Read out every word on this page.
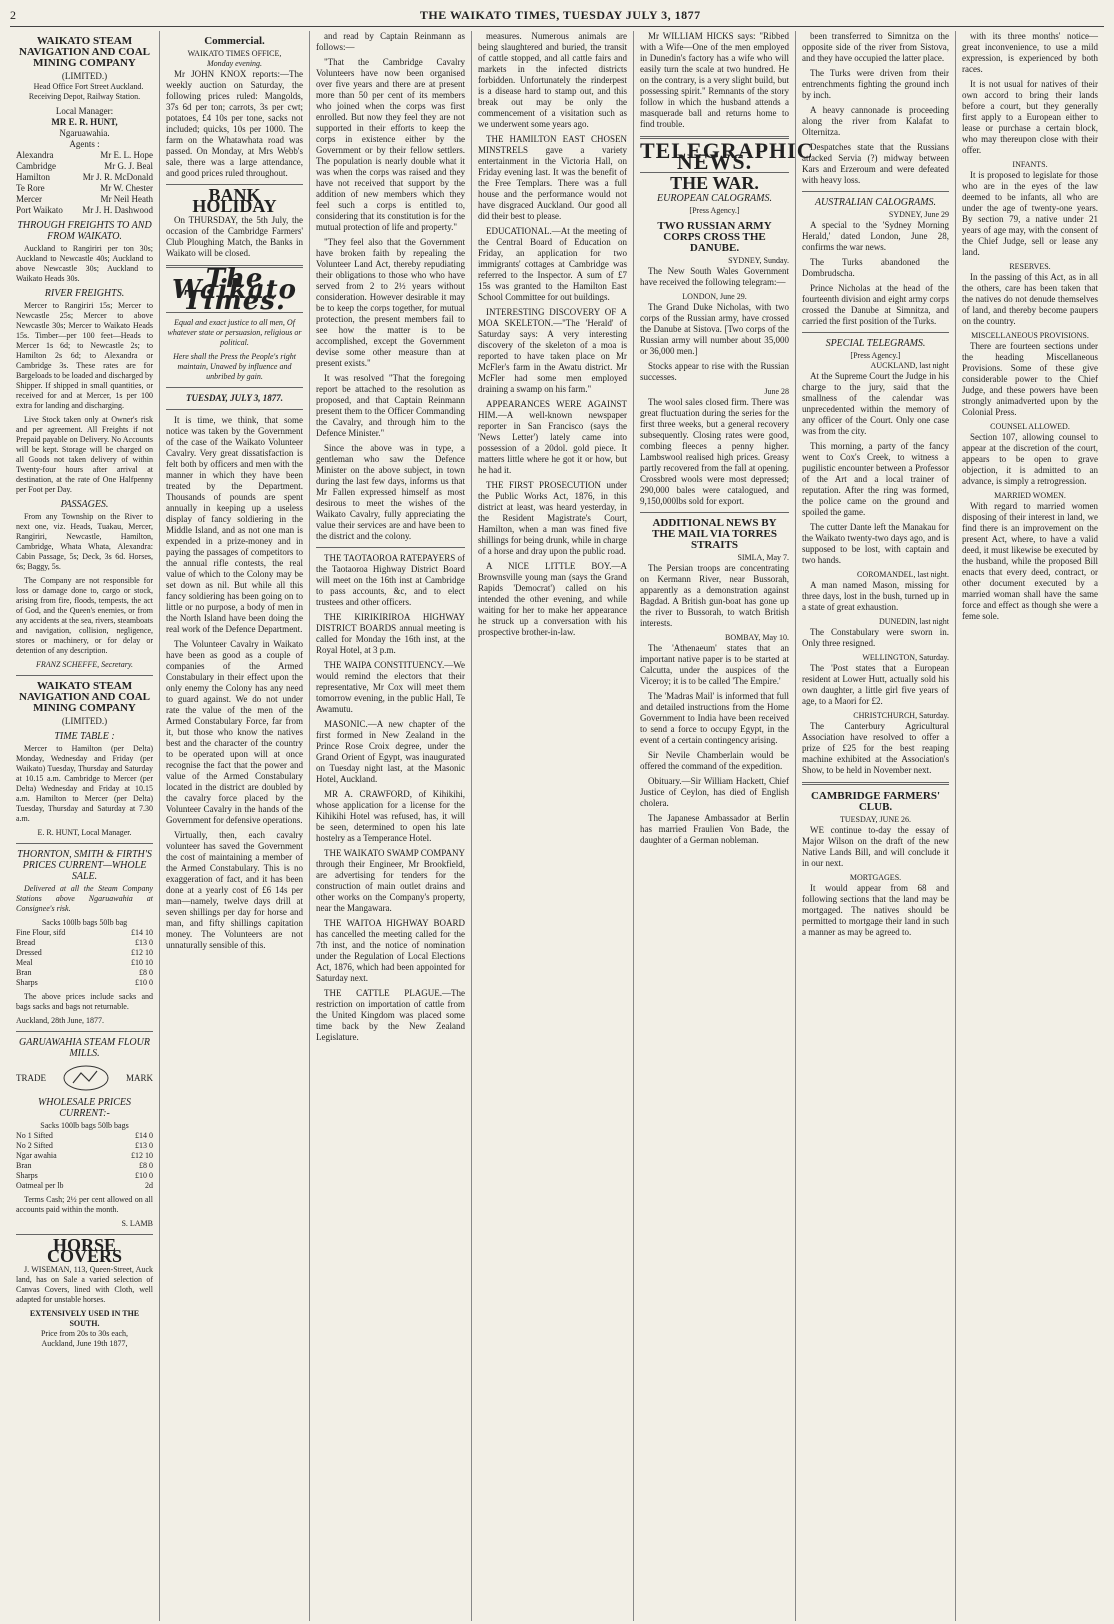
2	THE WAIKATO TIMES, TUESDAY JULY 3, 1877
WAIKATO STEAM NAVIGATION AND COAL MINING COMPANY
(LIMITED.)

Head Office Fort Street Auckland. Receiving Depot, Railway Station.

Local Manager:
MR E. R. HUNT,
Ngaruawahia.
Agents :
Alexandra	Mr E. L. Hope
Cambridge	Mr G. J. Beal
Hamilton	Mr J. R. McDonald
Te Rore	Mr W. Chester
Mercer	Mr Neil Heath
Port Waikato Mr J. H. Dashwood
THROUGH FREIGHTS TO AND FROM WAIKATO.

Auckland to Rangiriri per ton 30s; Auckland to Newcastle 40s; Auckland to above Newcastle 30s; Auckland to Waikato Heads 30s.

RIVER FREIGHTS.

Mercer to Rangiriri 15s; Mercer to Newcastle 25s; Mercer to above Newcastle 30s; Mercer to Waikato Heads 15s. Timber—per 100 feet—Heads to Mercer 1s 6d; to Newcastle 2s; to Hamilton 2s 6d; to Alexandra or Cambridge 3s. These rates are for Bargeloads to be loaded and discharged by Shipper. If shipped in small quantities, or received for and at Mercer, 1s per 100 extra for landing and discharging.

Live Stock taken only at Owner's risk and per agreement. All Freights if not Prepaid payable on Delivery. No Accounts will be kept. Storage will be charged on all Goods not taken delivery of within Twenty-four hours after arrival at destination, at the rate of One Halfpenny per Foot per Day.

PASSAGES.

From any Township on the River to next one, viz. Heads, Tuakau, Mercer, Rangiriri, Newcastle, Hamilton, Cambridge, Whata Whata, Alexandra: Cabin Passage, 5s; Deck, 3s 6d. Horses, 6s; Baggy, 5s.

The Company are not responsible for loss or damage done to, cargo or stock, arising from fire, floods, tempests, the act of God, and the Queen's enemies, or from any accidents at the sea, rivers, steamboats and navigation, collision, negligence, stores or machinery, or for delay or detention of any description.

FRANZ SCHEFFE, Secretary.
WAIKATO STEAM NAVIGATION AND COAL MINING COMPANY
(LIMITED.)
TIME TABLE :

Mercer to Hamilton (per Delta) Monday, Wednesday and Friday (per Waikato) Tuesday, Thursday and Saturday at 10.15 a.m. Cambridge to Mercer (per Delta) Wednesday and Friday at 10.15 a.m. Hamilton to Mercer (per Delta) Tuesday, Thursday and Saturday at 7.30 a.m.

E. R. HUNT, Local Manager.
THORNTON, SMITH & FIRTH'S PRICES CURRENT—WHOLE SALE.

Delivered at all the Steam Company Stations above Ngaruawahia at Consignee's risk.

Sacks 100lb bags 50lb bag
Fine Flour, sifd	£14 10
Bread	£13 0
Dressed	£12 10
Meal	£10 10
Bran	£8 0
Sharps	£10 0

The above prices include sacks and bags sacks and bags not returnable.

Auckland, 28th June, 1877.
GARUAWAHIA STEAM FLOUR MILLS.
TRADE	MARK
WHOLESALE PRICES CURRENT:-
Sacks 100lb bags 50lb bags
No 1 Sifted	£14 0
No 2 Sifted	£13 0
Ngar awahia	£12 10
Bran	£8 0
Sharps	£10 0
Oatmeal per lb	2d

Terms Cash; 2½ per cent allowed on all accounts paid within the month.

S. LAMB
HORSE COVERS

J. WISEMAN, 113, Queen-Street, Auck land, has on Sale a varied selection of Canvas Covers, lined with Cloth, well adapted for unstable horses.

EXTENSIVELY USED IN THE SOUTH.
Price from 20s to 30s each,
Auckland, June 19th 1877,
Commercial.
WAIKATO TIMES OFFICE,
Monday evening.

Mr JOHN KNOX reports:—The weekly auction on Saturday, the following prices ruled: Mangolds, 37s 6d per ton; carrots, 3s per cwt; potatoes, £4 10s per tone, sacks not included; quicks, 10s per 1000. The farm on the Whatawhata road was passed. On Monday, at Mrs Webb's sale, there was a large attendance, and good prices ruled throughout.

BANK HOLIDAY

On THURSDAY, the 5th July, the occasion of the Cambridge Farmers' Club Ploughing Match, the Banks in Waikato will be closed.

The Waikato Times.

Equal and exact justice to all men, Of whatever state or persuasion, religious or political.

Here shall the Press the People's right maintain, Unawed by influence and unbribed by gain.

TUESDAY, JULY 3, 1877.

It is time, we think, that some notice was taken by the Government of the case of the Waikato Volunteer Cavalry. Very great dissatisfaction is felt both by officers and men with the manner in which they have been treated by the Department. Thousands of pounds are spent annually in keeping up a useless display of fancy soldiering in the Middle Island, and as not one man is expended in a prize-money and in paying the passages of competitors to the annual rifle contests, the real value of which to the Colony may be set down as nil. But while all this fancy soldiering has been going on to little or no purpose, a body of men in the North Island have been doing the real work of the Defence Department.

The Volunteer Cavalry in Waikato have been as good as a couple of companies of the Armed Constabulary in their effect upon the only enemy the Colony has any need to guard against. We do not under rate the value of the men of the Armed Constabulary Force, far from it, but those who know the natives best and the character of the country to be operated upon will at once recognise the fact that the power and value of the Armed Constabulary located in the district are doubled by the cavalry force placed by the Volunteer Cavalry in the hands of the Government for defensive operations.

Virtually, then, each cavalry volunteer has saved the Government the cost of maintaining a member of the Armed Constabulary. This is no exaggeration of fact, and it has been done at a yearly cost of £6 14s per man—namely, twelve days drill at seven shillings per day for horse and man, and fifty shillings capitation money. The Volunteers are not unnaturally sensible of this.

and read by Captain Reinmann as follows:—

"That the Cambridge Cavalry Volunteers have now been organised over five years and there are at present more than 50 per cent of its members who joined when the corps was first enrolled. But now they feel they are not supported in their efforts to keep the corps in existence either by the Government or by their fellow settlers. The population is nearly double what it was when the corps was raised and they have not received that support by the addition of new members which they feel such a corps is entitled to, considering that its constitution is for the mutual protection of life and property."

"They feel also that the Government have broken faith by repealing the Volunteer Land Act, thereby repudiating their obligations to those who who have served from 2 to 2½ years without consideration. However desirable it may be to keep the corps together, for mutual protection, the present members fail to see how the matter is to be accomplished, except the Government devise some other measure than at present exists."

It was resolved "That the foregoing report be attached to the resolution as proposed, and that Captain Reinmann present them to the Officer Commanding the Cavalry, and through him to the Defence Minister."

Since the above was in type, a gentleman who saw the Defence Minister on the above subject, in town during the last few days, informs us that Mr Fallen expressed himself as most desirous to meet the wishes of the Waikato Cavalry, fully appreciating the value their services are and have been to the district and the colony.

THE TAOTAOROA RATEPAYERS of the Taotaoroa Highway District Board will meet on the 16th inst at Cambridge to pass accounts, &c, and to elect trustees and other officers.

THE KIRIKIRIROA HIGHWAY DISTRICT BOARDS annual meeting is called for Monday the 16th inst, at the Royal Hotel, at 3 p.m.

THE WAIPA CONSTITUENCY.—We would remind the electors that their representative, Mr Cox will meet them tomorrow evening, in the public Hall, Te Awamutu.

MASONIC.—A new chapter of the first formed in New Zealand in the Prince Rose Croix degree, under the Grand Orient of Egypt, was inaugurated on Tuesday night last, at the Masonic Hotel, Auckland.

MR A. CRAWFORD, of Kihikihi, whose application for a license for the Kihikihi Hotel was refused, has, it will be seen, determined to open his late hostelry as a Temperance Hotel.

THE WAIKATO SWAMP COMPANY through their Engineer, Mr Brookfield, are advertising for tenders for the construction of main outlet drains and other works on the Company's property, near the Mangawara.

THE WAITOA HIGHWAY BOARD has cancelled the meeting called for the 7th inst, and the notice of nomination under the Regulation of Local Elections Act, 1876, which had been appointed for Saturday next.

THE CATTLE PLAGUE.—The restriction on importation of cattle from the United Kingdom was placed some time back by the New Zealand Legislature.

measures. Numerous animals are being slaughtered and buried, the transit of cattle stopped, and all cattle fairs and markets in the infected districts forbidden. Unfortunately the rinderpest is a disease hard to stamp out, and this break out may be only the commencement of a visitation such as we underwent some years ago.

THE HAMILTON EAST CHOSEN MINSTRELS gave a variety entertainment in the Victoria Hall, on Friday evening last. It was the benefit of the Free Templars. There was a full house and the performance would not have disgraced Auckland. Our good all did their best to please.

EDUCATIONAL.—At the meeting of the Central Board of Education on Friday, an application for two immigrants' cottages at Cambridge was referred to the Inspector. A sum of £7 15s was granted to the Hamilton East School Committee for out buildings.

INTERESTING DISCOVERY OF A MOA SKELETON.—"The 'Herald' of Saturday says: A very interesting discovery of the skeleton of a moa is reported to have taken place on Mr McFler's farm in the Awatu district. Mr McFler had some men employed draining a swamp on his farm."

APPEARANCES WERE AGAINST HIM.—A well-known newspaper reporter in San Francisco (says the 'News Letter') lately came into possession of a 20dol. gold piece. It matters little where he got it or how, but he had it.

THE FIRST PROSECUTION under the Public Works Act, 1876, in this district at least, was heard yesterday, in the Resident Magistrate's Court, Hamilton, when a man was fined five shillings for being drunk, while in charge of a horse and dray upon the public road.

A NICE LITTLE BOY.—A Brownsville young man (says the Grand Rapids 'Democrat') called on his intended the other evening, and while waiting for her to make her appearance he struck up a conversation with his prospective brother-in-law.

Mr WILLIAM HICKS says: "Ribbed with a Wife—One of the men employed in Dunedin's factory has a wife who will easily turn the scale at two hundred. He on the contrary, is a very slight build, but possessing spirit." Remnants of the story follow in which the husband attends a masquerade ball and returns home to find trouble.

TELEGRAPHIC NEWS.
THE WAR.
EUROPEAN CALOGRAMS.
[Press Agency.]
TWO RUSSIAN ARMY CORPS CROSS THE DANUBE.
SYDNEY, Sunday.

The New South Wales Government have received the following telegram:—

LONDON, June 29.

The Grand Duke Nicholas, with two corps of the Russian army, have crossed the Danube at Sistova. [Two corps of the Russian army will number about 35,000 or 36,000 men.]

Stocks appear to rise with the Russian successes.

June 28

The wool sales closed firm. There was great fluctuation during the series for the first three weeks, but a general recovery subsequently. Closing rates were good, combing fleeces a penny higher. Lambswool realised high prices. Greasy partly recovered from the fall at opening. Crossbred wools were most depressed; 290,000 bales were catalogued, and 9,150,000lbs sold for export.

ADDITIONAL NEWS BY THE MAIL VIA TORRES STRAITS
SIMLA, May 7.

The Persian troops are concentrating on Kermann River, near Bussorah, apparently as a demonstration against Bagdad. A British gun-boat has gone up the river to Bussorah, to watch British interests.

BOMBAY, May 10.

The 'Athenaeum' states that an important native paper is to be started at Calcutta, under the auspices of the Viceroy; it is to be called 'The Empire.'

The 'Madras Mail' is informed that full and detailed instructions from the Home Government to India have been received to send a force to occupy Egypt, in the event of a certain contingency arising.

Sir Nevile Chamberlain would be offered the command of the expedition.

Obituary.—Sir William Hackett, Chief Justice of Ceylon, has died of English cholera.

The Japanese Ambassador at Berlin has married Fraulien Von Bade, the daughter of a German nobleman.

been transferred to Simnitza on the opposite side of the river from Sistova, and they have occupied the latter place.

The Turks were driven from their entrenchments fighting the ground inch by inch.

A heavy cannonade is proceeding along the river from Kalafat to Olternitza.

Despatches state that the Russians attacked Servia (?) midway between Kars and Erzeroum and were defeated with heavy loss.

AUSTRALIAN CALOGRAMS.
SYDNEY, June 29

A special to the 'Sydney Morning Herald,' dated London, June 28, confirms the war news.

The Turks abandoned the Dombrudscha.

Prince Nicholas at the head of the fourteenth division and eight army corps crossed the Danube at Simnitza, and carried the first position of the Turks.

SPECIAL TELEGRAMS.
[Press Agency.]
AUCKLAND, last night

At the Supreme Court the Judge in his charge to the jury, said that the smallness of the calendar was unprecedented within the memory of any officer of the Court. Only one case was from the city.

This morning, a party of the fancy went to Cox's Creek, to witness a pugilistic encounter between a Professor of the Art and a local trainer of reputation. After the ring was formed, the police came on the ground and spoiled the game.

The cutter Dante left the Manakau for the Waikato twenty-two days ago, and is supposed to be lost, with captain and two hands.

COROMANDEL, last night.

A man named Mason, missing for three days, lost in the bush, turned up in a state of great exhaustion.

DUNEDIN, last night

The Constabulary were sworn in. Only three resigned.

WELLINGTON, Saturday.

The 'Post states that a European resident at Lower Hutt, actually sold his own daughter, a little girl five years of age, to a Maori for £2.

CHRISTCHURCH, Saturday.

The Canterbury Agricultural Association have resolved to offer a prize of £25 for the best reaping machine exhibited at the Association's Show, to be held in November next.

CAMBRIDGE FARMERS' CLUB.
TUESDAY, JUNE 26.

WE continue to-day the essay of Major Wilson on the draft of the new Native Lands Bill, and will conclude it in our next.

MORTGAGES.

It would appear from 68 and following sections that the land may be mortgaged. The natives should be permitted to mortgage their land in such a manner as may be agreed to.

with its three months' notice—great inconvenience, to use a mild expression, is experienced by both races.

It is not usual for natives of their own accord to bring their lands before a court, but they generally first apply to a European either to lease or purchase a certain block, who may thereupon close with their offer.

INFANTS.

It is proposed to legislate for those who are in the eyes of the law deemed to be infants, all who are under the age of twenty-one years. By section 79, a native under 21 years of age may, with the consent of the Chief Judge, sell or lease any land.

RESERVES.

In the passing of this Act, as in all the others, care has been taken that the natives do not denude themselves of land, and thereby become paupers on the country.

MISCELLANEOUS PROVISIONS.

There are fourteen sections under the heading Miscellaneous Provisions. Some of these give considerable power to the Chief Judge, and these powers have been strongly animadverted upon by the Colonial Press.

COUNSEL ALLOWED.

Section 107, allowing counsel to appear at the discretion of the court, appears to be open to grave objection, it is admitted to an advance, is simply a retrogression.

MARRIED WOMEN.

With regard to married women disposing of their interest in land, we find there is an improvement on the present Act, where, to have a valid deed, it must likewise be executed by the husband, while the proposed Bill enacts that every deed, contract, or other document executed by a married woman shall have the same force and effect as though she were a feme sole.
